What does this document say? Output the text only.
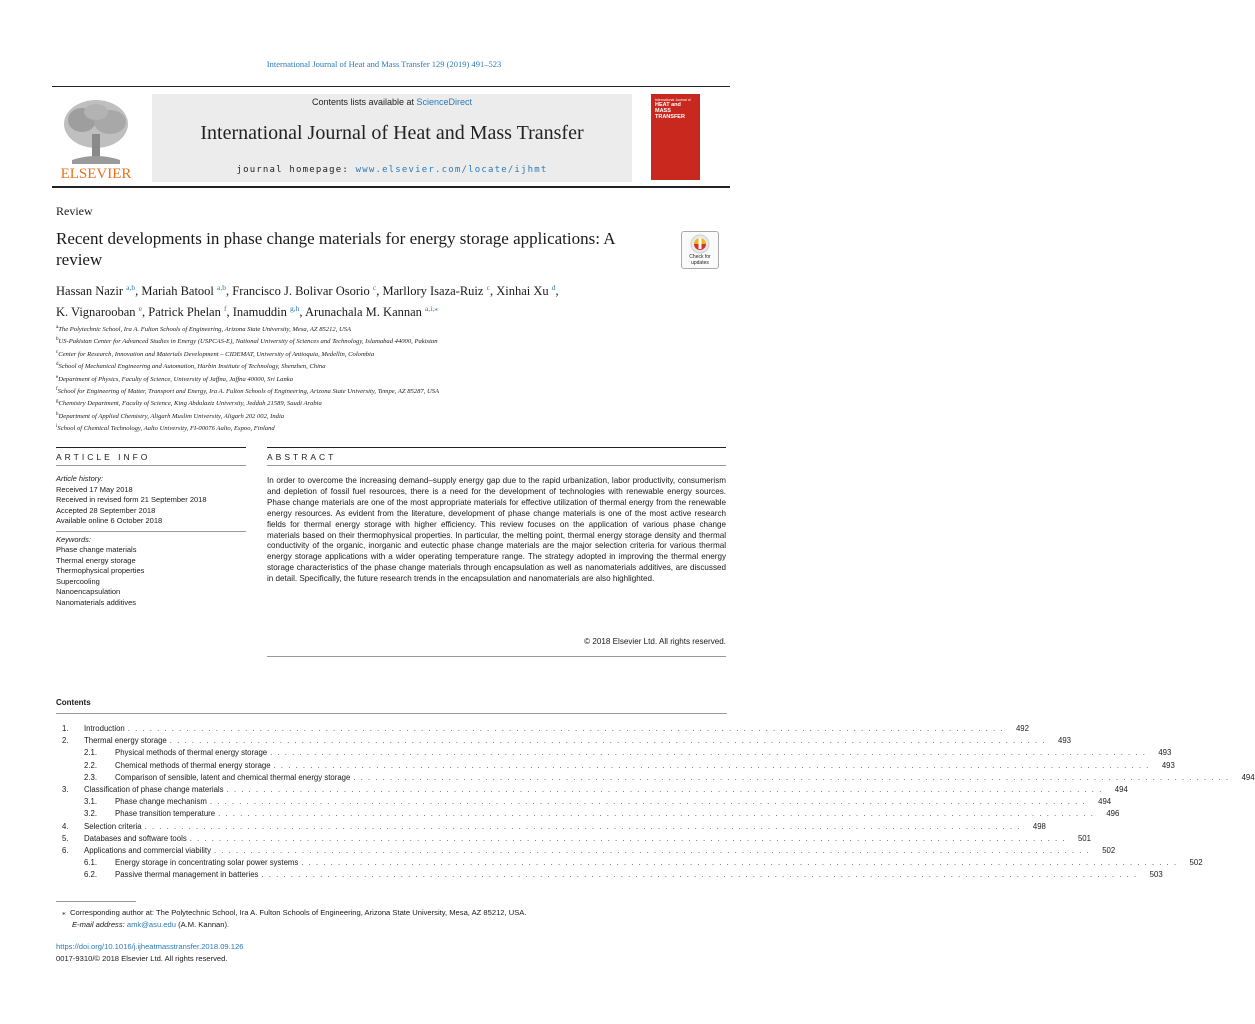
International Journal of Heat and Mass Transfer 129 (2019) 491–523
ELSEVIER
Contents lists available at ScienceDirect
International Journal of Heat and Mass Transfer
journal homepage: www.elsevier.com/locate/ijhmt
International Journal of
HEAT and MASS TRANSFER
Review
Recent developments in phase change materials for energy storage applications: A review	Check for updates
Hassan Nazir $^{a,b}$, Mariah Batool $^{a,b}$, Francisco J. Bolivar Osorio $^c$, Marllory Isaza-Ruiz $^c$, Xinhai Xu $^d$,
K. Vignarooban $^e$, Patrick Phelan $^f$, Inamuddin $^{g,h}$, Arunachala M. Kannan $^{a,i,⁎}$
$^a$The Polytechnic School, Ira A. Fulton Schools of Engineering, Arizona State University, Mesa, AZ 85212, USA
$^b$US-Pakistan Center for Advanced Studies in Energy (USPCAS-E), National University of Sciences and Technology, Islamabad 44000, Pakistan
$^c$Center for Research, Innovation and Materials Development – CIDEMAT, University of Antioquia, Medellin, Colombia
$^d$School of Mechanical Engineering and Automation, Harbin Institute of Technology, Shenzhen, China
$^e$Department of Physics, Faculty of Science, University of Jaffna, Jaffna 40000, Sri Lanka
$^f$School for Engineering of Matter, Transport and Energy, Ira A. Fulton Schools of Engineering, Arizona State University, Tempe, AZ 85287, USA
$^g$Chemistry Department, Faculty of Science, King Abdulaziz University, Jeddah 21589, Saudi Arabia
$^h$Department of Applied Chemistry, Aligarh Muslim University, Aligarh 202 002, India
$^i$School of Chemical Technology, Aalto University, FI-00076 Aalto, Espoo, Finland
ARTICLE INFO	ABSTRACT
Article history:
Received 17 May 2018
Received in revised form 21 September 2018
Accepted 28 September 2018
Available online 6 October 2018
Keywords:
Phase change materials
Thermal energy storage
Thermophysical properties
Supercooling
Nanoencapsulation
Nanomaterials additives
In order to overcome the increasing demand–supply energy gap due to the rapid urbanization, labor productivity, consumerism and depletion of fossil fuel resources, there is a need for the development of technologies with renewable energy sources. Phase change materials are one of the most appropriate materials for effective utilization of thermal energy from the renewable energy resources. As evident from the literature, development of phase change materials is one of the most active research fields for thermal energy storage with higher efficiency. This review focuses on the application of various phase change materials based on their thermophysical properties. In particular, the melting point, thermal energy storage density and thermal conductivity of the organic, inorganic and eutectic phase change materials are the major selection criteria for various thermal energy storage applications with a wider operating temperature range. The strategy adopted in improving the thermal energy storage characteristics of the phase change materials through encapsulation as well as nanomaterials additives, are discussed in detail. Specifically, the future research trends in the encapsulation and nanomaterials are also highlighted.
© 2018 Elsevier Ltd. All rights reserved.
Contents
1.	Introduction . . . . . . . . . . . . . . . . . . . . . . . . . . . . . . . . . . . . . . . . . . . . . . . . . . . . . . . . . . . . . . . . . . . . . . . . . . . . . . . . . . . . . . . . . . . . . . . . . . . . . . . . . . . . . . . . . . . . . . . .	492
2.	Thermal energy storage . . . . . . . . . . . . . . . . . . . . . . . . . . . . . . . . . . . . . . . . . . . . . . . . . . . . . . . . . . . . . . . . . . . . . . . . . . . . . . . . . . . . . . . . . . . . . . . . . . . . . . . . . . . . . . . . . . . . . . . .	493
2.1.	Physical methods of thermal energy storage . . . . . . . . . . . . . . . . . . . . . . . . . . . . . . . . . . . . . . . . . . . . . . . . . . . . . . . . . . . . . . . . . . . . . . . . . . . . . . . . . . . . . . . . . . . . . . . . . . . . . . . . . . . . . . . . . . . . . . . .	493
2.2.	Chemical methods of thermal energy storage . . . . . . . . . . . . . . . . . . . . . . . . . . . . . . . . . . . . . . . . . . . . . . . . . . . . . . . . . . . . . . . . . . . . . . . . . . . . . . . . . . . . . . . . . . . . . . . . . . . . . . . . . . . . . . . . . . . . . . . .	493
2.3.	Comparison of sensible, latent and chemical thermal energy storage . . . . . . . . . . . . . . . . . . . . . . . . . . . . . . . . . . . . . . . . . . . . . . . . . . . . . . . . . . . . . . . . . . . . . . . . . . . . . . . . . . . . . . . . . . . . . . . . . . . . . . . . . . . . . . . . . . . . . . . .	494
3.	Classification of phase change materials . . . . . . . . . . . . . . . . . . . . . . . . . . . . . . . . . . . . . . . . . . . . . . . . . . . . . . . . . . . . . . . . . . . . . . . . . . . . . . . . . . . . . . . . . . . . . . . . . . . . . . . . . . . . . . . . . . . . . . . .	494
3.1.	Phase change mechanism . . . . . . . . . . . . . . . . . . . . . . . . . . . . . . . . . . . . . . . . . . . . . . . . . . . . . . . . . . . . . . . . . . . . . . . . . . . . . . . . . . . . . . . . . . . . . . . . . . . . . . . . . . . . . . . . . . . . . . . .	494
3.2.	Phase transition temperature . . . . . . . . . . . . . . . . . . . . . . . . . . . . . . . . . . . . . . . . . . . . . . . . . . . . . . . . . . . . . . . . . . . . . . . . . . . . . . . . . . . . . . . . . . . . . . . . . . . . . . . . . . . . . . . . . . . . . . . .	496
4.	Selection criteria . . . . . . . . . . . . . . . . . . . . . . . . . . . . . . . . . . . . . . . . . . . . . . . . . . . . . . . . . . . . . . . . . . . . . . . . . . . . . . . . . . . . . . . . . . . . . . . . . . . . . . . . . . . . . . . . . . . . . . . .	498
5.	Databases and software tools . . . . . . . . . . . . . . . . . . . . . . . . . . . . . . . . . . . . . . . . . . . . . . . . . . . . . . . . . . . . . . . . . . . . . . . . . . . . . . . . . . . . . . . . . . . . . . . . . . . . . . . . . . . . . . . . . . . . . . . .	501
6.	Applications and commercial viability . . . . . . . . . . . . . . . . . . . . . . . . . . . . . . . . . . . . . . . . . . . . . . . . . . . . . . . . . . . . . . . . . . . . . . . . . . . . . . . . . . . . . . . . . . . . . . . . . . . . . . . . . . . . . . . . . . . . . . . .	502
6.1.	Energy storage in concentrating solar power systems . . . . . . . . . . . . . . . . . . . . . . . . . . . . . . . . . . . . . . . . . . . . . . . . . . . . . . . . . . . . . . . . . . . . . . . . . . . . . . . . . . . . . . . . . . . . . . . . . . . . . . . . . . . . . . . . . . . . . . . .	502
6.2.	Passive thermal management in batteries . . . . . . . . . . . . . . . . . . . . . . . . . . . . . . . . . . . . . . . . . . . . . . . . . . . . . . . . . . . . . . . . . . . . . . . . . . . . . . . . . . . . . . . . . . . . . . . . . . . . . . . . . . . . . . . . . . . . . . . .	503
⁎ Corresponding author at: The Polytechnic School, Ira A. Fulton Schools of Engineering, Arizona State University, Mesa, AZ 85212, USA.
E-mail address: amk@asu.edu (A.M. Kannan).
https://doi.org/10.1016/j.ijheatmasstransfer.2018.09.126
0017-9310/© 2018 Elsevier Ltd. All rights reserved.
